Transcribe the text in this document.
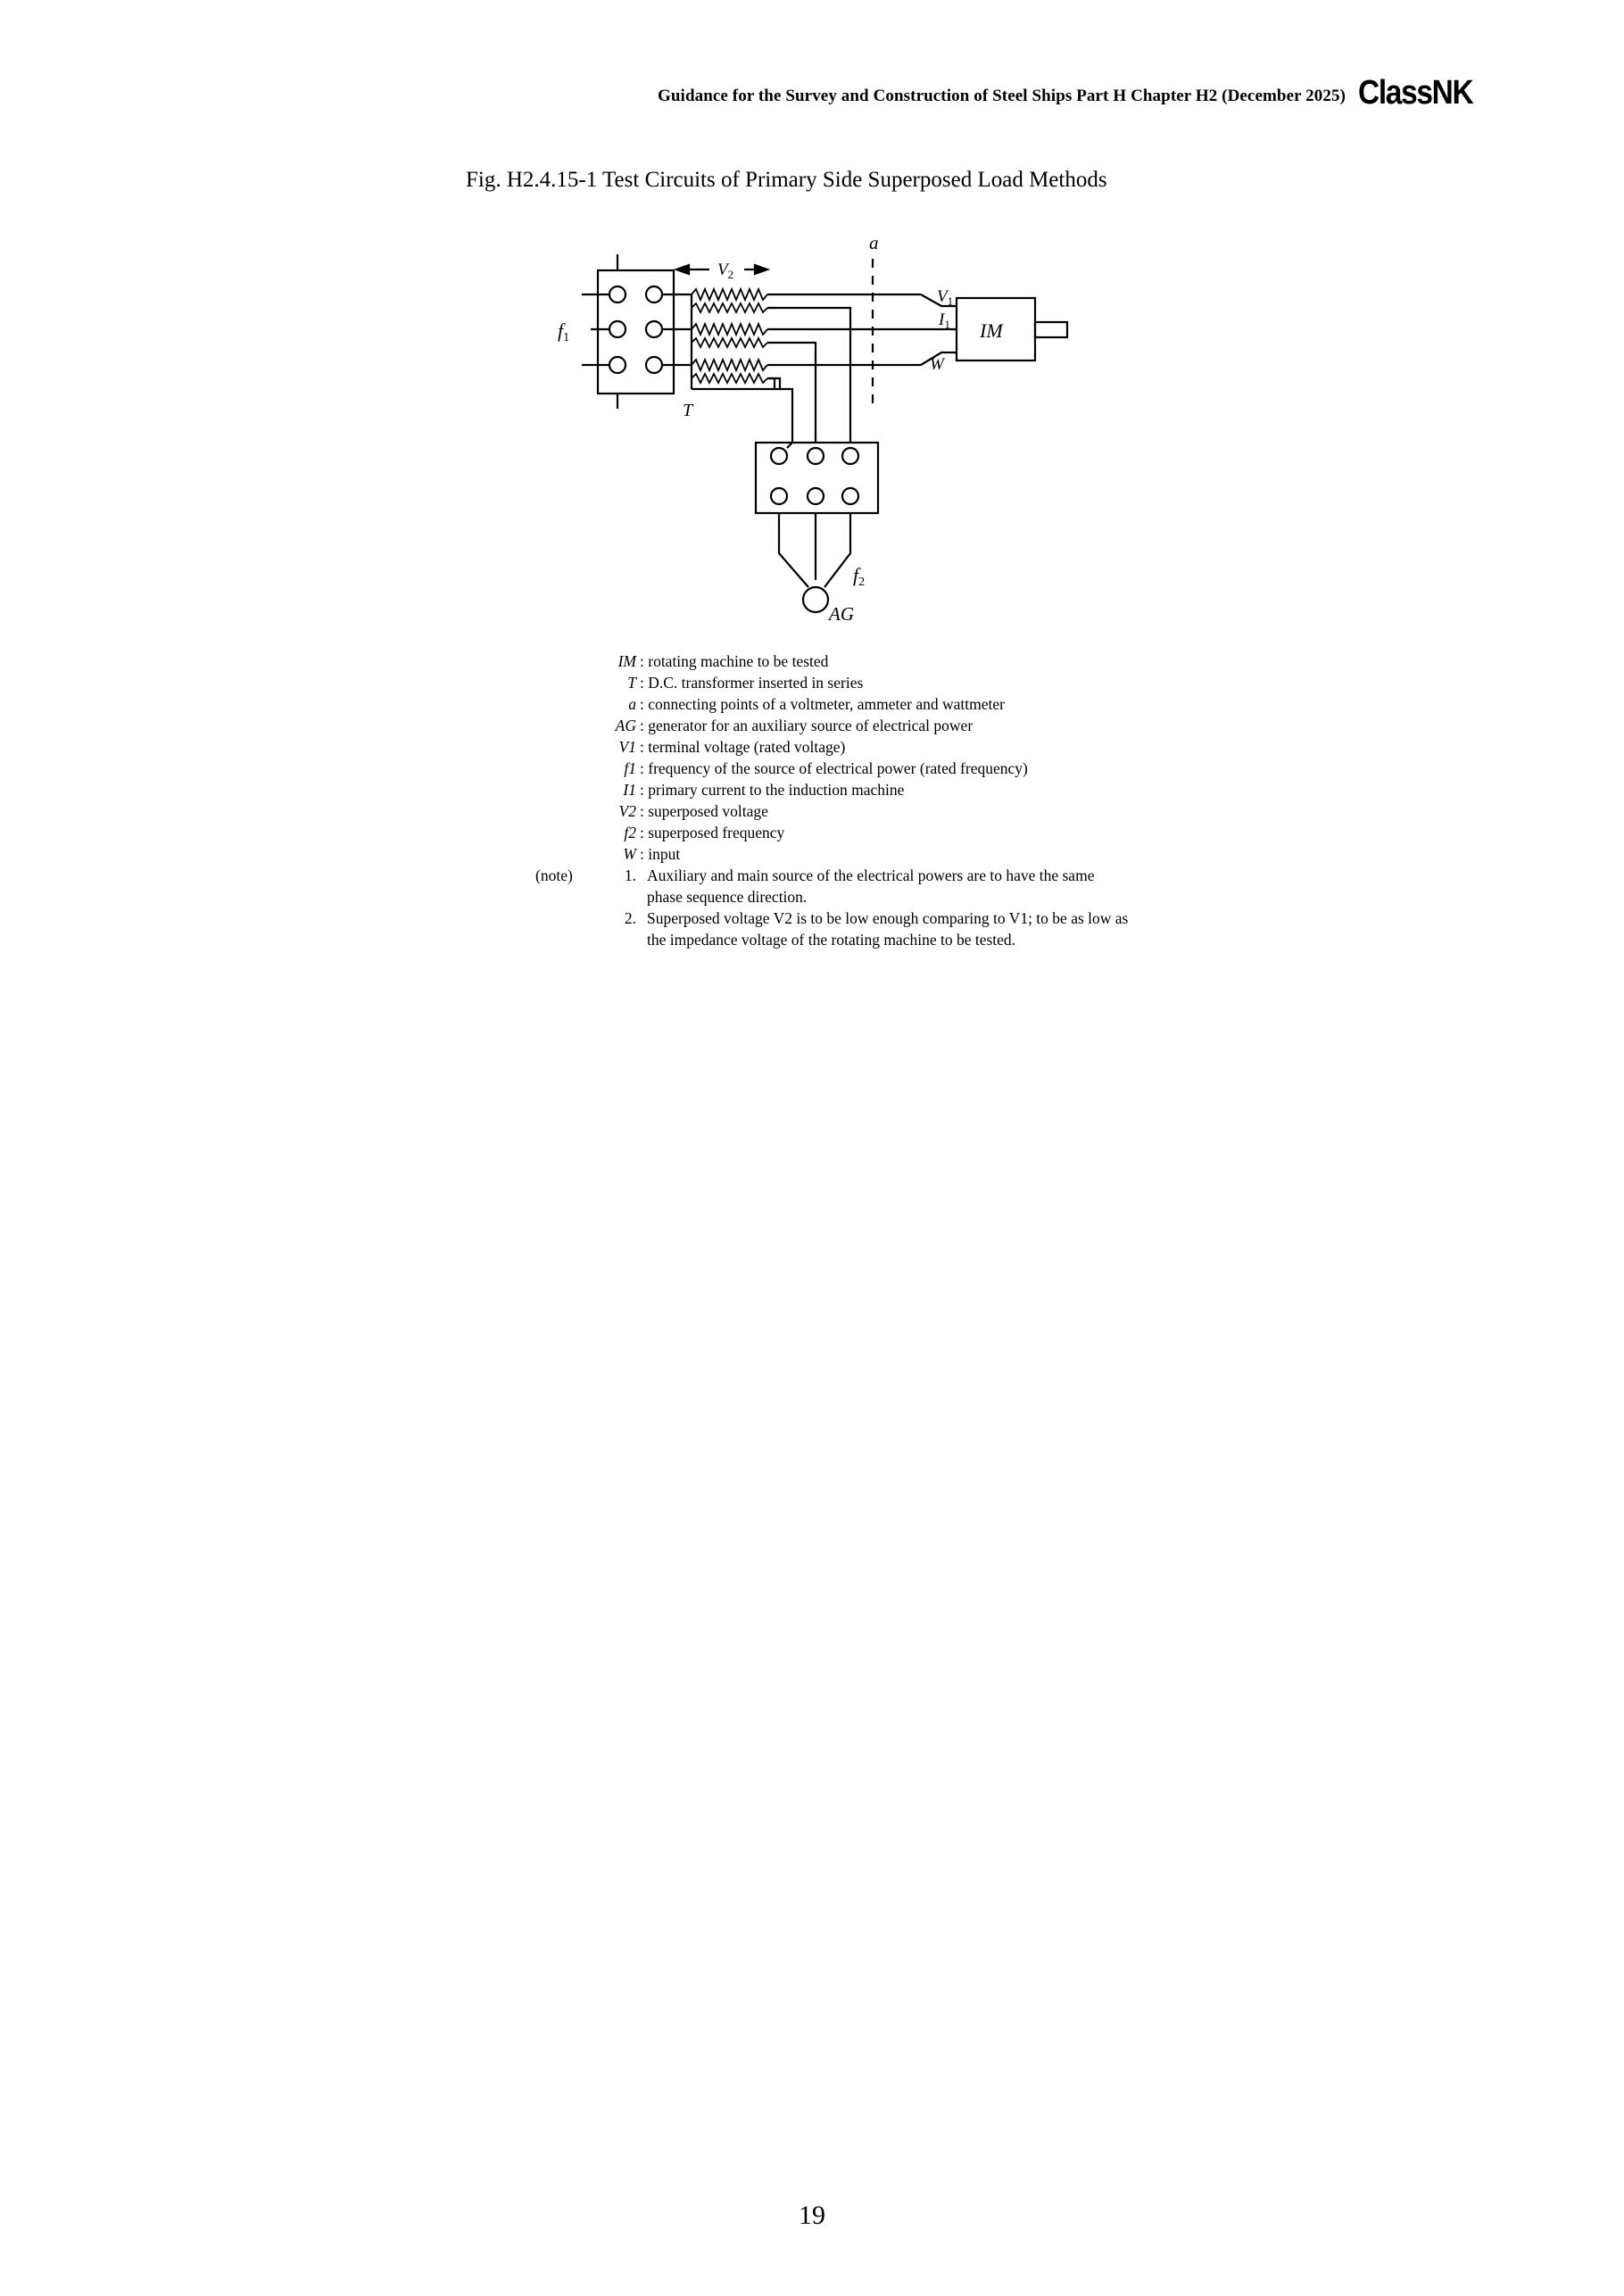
Guidance for the Survey and Construction of Steel Ships Part H Chapter H2 (December 2025) ClassNK
Fig. H2.4.15-1 Test Circuits of Primary Side Superposed Load Methods
a
$V_2$
$V_1$
$I_1$
W
IM
f1
T
f2
AG
IM : rotating machine to be tested
T : D.C. transformer inserted in series
a : connecting points of a voltmeter, ammeter and wattmeter
AG : generator for an auxiliary source of electrical power
V1 : terminal voltage (rated voltage)
f1 : frequency of the source of electrical power (rated frequency)
I1 : primary current to the induction machine
V2 : superposed voltage
f2 : superposed frequency
W : input
(note)	1. Auxiliary and main source of the electrical powers are to have the same phase sequence direction.
2. Superposed voltage V2 is to be low enough comparing to V1; to be as low as the impedance voltage of the rotating machine to be tested.
19
